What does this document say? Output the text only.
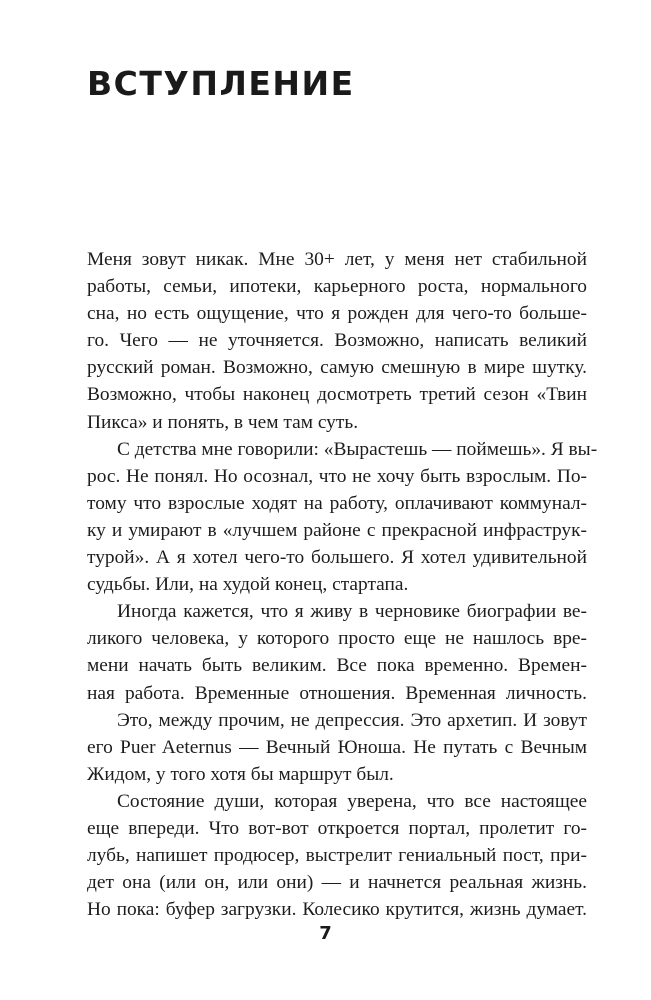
ВСТУПЛЕНИЕ
Меня зовут никак. Мне 30+ лет, у меня нет стабильной
работы, семьи, ипотеки, карьерного роста, нормального
сна, но есть ощущение, что я рожден для чего-то больше-
го. Чего — не уточняется. Возможно, написать великий
русский роман. Возможно, самую смешную в мире шутку.
Возможно, чтобы наконец досмотреть третий сезон «Твин
Пикса» и понять, в чем там суть.
С детства мне говорили: «Вырастешь — поймешь». Я вы-
рос. Не понял. Но осознал, что не хочу быть взрослым. По-
тому что взрослые ходят на работу, оплачивают коммунал-
ку и умирают в «лучшем районе с прекрасной инфраструк-
турой». А я хотел чего-то большего. Я хотел удивительной
судьбы. Или, на худой конец, стартапа.
Иногда кажется, что я живу в черновике биографии ве-
ликого человека, у которого просто еще не нашлось вре-
мени начать быть великим. Все пока временно. Времен-
ная работа. Временные отношения. Временная личность.
Это, между прочим, не депрессия. Это архетип. И зовут
его Puer Aeternus — Вечный Юноша. Не путать с Вечным
Жидом, у того хотя бы маршрут был.
Состояние души, которая уверена, что все настоящее
еще впереди. Что вот-вот откроется портал, пролетит го-
лубь, напишет продюсер, выстрелит гениальный пост, при-
дет она (или он, или они) — и начнется реальная жизнь.
Но пока: буфер загрузки. Колесико крутится, жизнь думает.
7
